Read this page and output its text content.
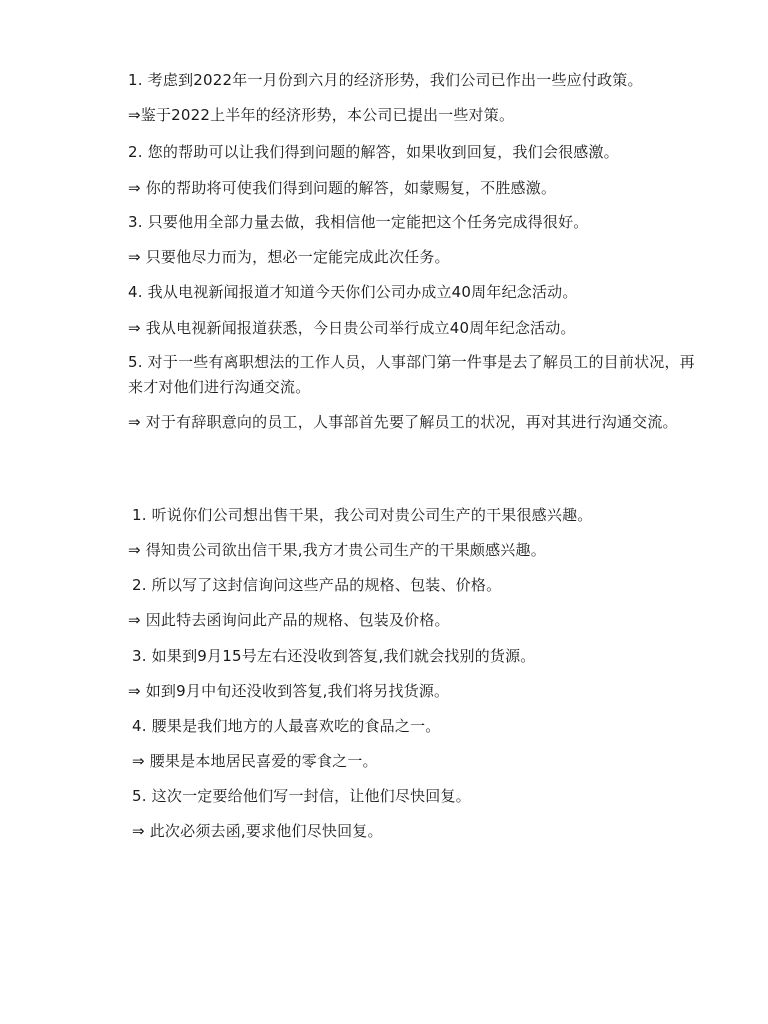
1. 考虑到2022年一月份到六月的经济形势，我们公司已作出一些应付政策。
⇒鉴于2022上半年的经济形势，本公司已提出一些对策。
2. 您的帮助可以让我们得到问题的解答，如果收到回复，我们会很感激。
⇒ 你的帮助将可使我们得到问题的解答，如蒙赐复，不胜感激。
3. 只要他用全部力量去做，我相信他一定能把这个任务完成得很好。
⇒ 只要他尽力而为，想必一定能完成此次任务。
4. 我从电视新闻报道才知道今天你们公司办成立40周年纪念活动。
⇒ 我从电视新闻报道获悉，今日贵公司举行成立40周年纪念活动。
5. 对于一些有离职想法的工作人员，人事部门第一件事是去了解员工的目前状况，再来才对他们进行沟通交流。
⇒ 对于有辞职意向的员工，人事部首先要了解员工的状况，再对其进行沟通交流。
1. 听说你们公司想出售干果，我公司对贵公司生产的干果很感兴趣。
⇒ 得知贵公司欲出信干果,我方才贵公司生产的干果颇感兴趣。
2. 所以写了这封信询问这些产品的规格、包装、价格。
⇒ 因此特去函询问此产品的规格、包装及价格。
3. 如果到9月15号左右还没收到答复,我们就会找别的货源。
⇒ 如到9月中旬还没收到答复,我们将另找货源。
4. 腰果是我们地方的人最喜欢吃的食品之一。
⇒ 腰果是本地居民喜爱的零食之一。
5. 这次一定要给他们写一封信，让他们尽快回复。
⇒ 此次必须去函,要求他们尽快回复。
